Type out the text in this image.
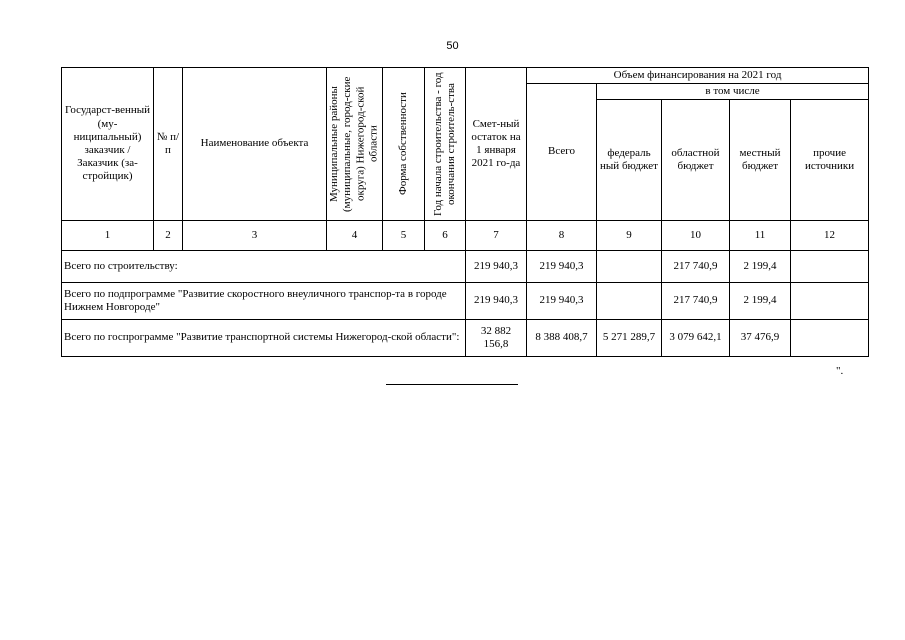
50
Государст-венный (му-ниципальный) заказчик / Заказчик (за-стройщик)	№ п/п	Наименование объекта	Муниципальные районы (муниципальные, город-ские округа) Нижегород-ской области	Форма собственности	Год начала строительства - год окончания строитель-ства	Смет-ный остаток на 1 января 2021 го-да	Объем финансирования на 2021 год				
							Всего	в том числе			
								федераль ный бюджет	областной бюджет	местный бюджет	прочие источники
1	2	3	4	5	6	7	8	9	10	11	12
Всего по строительству:						219 940,3	219 940,3		217 740,9	2 199,4	
Всего по подпрограмме "Развитие скоростного внеуличного транспор-та в городе Нижнем Новгороде"						219 940,3	219 940,3		217 740,9	2 199,4	
Всего по госпрограмме "Развитие транспортной системы Нижегород-ской области":						32 882 156,8	8 388 408,7	5 271 289,7	3 079 642,1	37 476,9	
".
